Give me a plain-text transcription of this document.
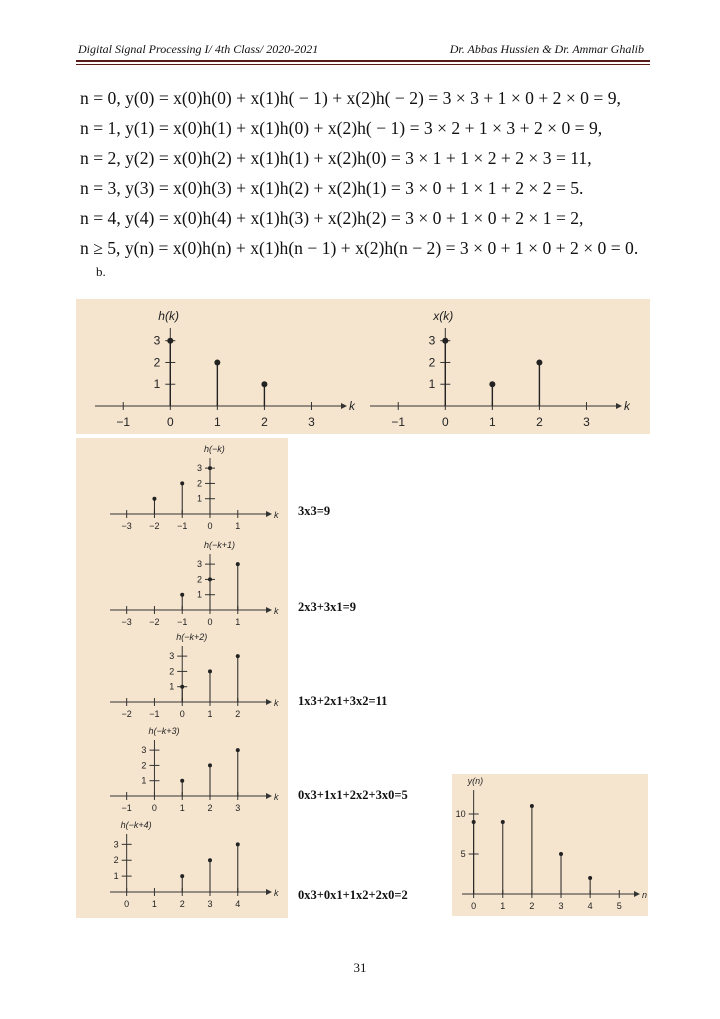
Digital Signal Processing I/ 4th Class/ 2020-2021	Dr. Abbas Hussien & Dr. Ammar Ghalib
n = 0, y(0) = x(0)h(0) + x(1)h( − 1) + x(2)h( − 2) = 3 × 3 + 1 × 0 + 2 × 0 = 9,
n = 1, y(1) = x(0)h(1) + x(1)h(0) + x(2)h( − 1) = 3 × 2 + 1 × 3 + 2 × 0 = 9,
n = 2, y(2) = x(0)h(2) + x(1)h(1) + x(2)h(0) = 3 × 1 + 1 × 2 + 2 × 3 = 11,
n = 3, y(3) = x(0)h(3) + x(1)h(2) + x(2)h(1) = 3 × 0 + 1 × 1 + 2 × 2 = 5.
n = 4, y(4) = x(0)h(4) + x(1)h(3) + x(2)h(2) = 3 × 0 + 1 × 0 + 2 × 1 = 2,
n ≥ 5, y(n) = x(0)h(n) + x(1)h(n − 1) + x(2)h(n − 2) = 3 × 0 + 1 × 0 + 2 × 0 = 0.
b.
k
−1	0	1	2	3
1
2
3
h(k)
k
−1	0	1	2	3
1
2
3
x(k)
k
−3 −2 −1 0	1
1
2
3
h(−k)
k
−3 −2 −1 0	1
1
2
3
h(−k+1)
k
−2 −1 0	1	2
1
2
3
h(−k+2)
k
−1 0	1	2	3
1
2
3
h(−k+3)
k
0	1	2	3	4
1
2
3
h(−k+4)
3x3=9
2x3+3x1=9
1x3+2x1+3x2=11
0x3+1x1+2x2+3x0=5
0x3+0x1+1x2+2x0=2	n
0	1	2	3	4	5
5
10
y(n)
31
